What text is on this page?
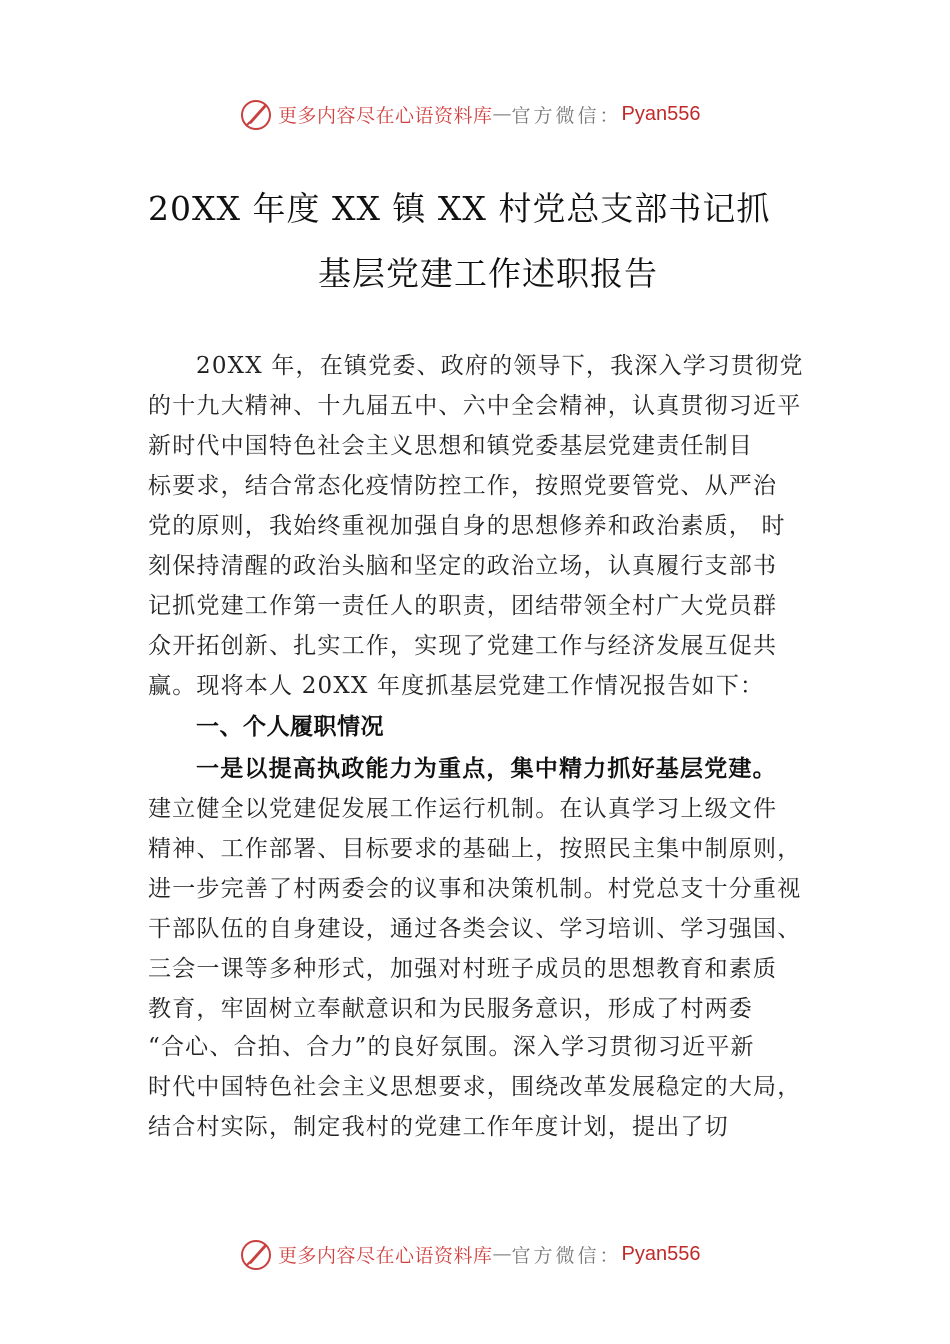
更多内容尽在心语资料库 — 官方微信： Pyan556
20XX 年度 XX 镇 XX 村党总支部书记抓
基层党建工作述职报告
20XX 年，在镇党委、政府的领导下，我深入学习贯彻党
的十九大精神、十九届五中、六中全会精神，认真贯彻习近平
新时代中国特色社会主义思想和镇党委基层党建责任制目
标要求，结合常态化疫情防控工作，按照党要管党、从严治
党的原则，我始终重视加强自身的思想修养和政治素质， 时
刻保持清醒的政治头脑和坚定的政治立场，认真履行支部书
记抓党建工作第一责任人的职责，团结带领全村广大党员群
众开拓创新、扎实工作，实现了党建工作与经济发展互促共
赢。现将本人 20XX 年度抓基层党建工作情况报告如下：
一、个人履职情况
一是以提高执政能力为重点，集中精力抓好基层党建。
建立健全以党建促发展工作运行机制。在认真学习上级文件
精神、工作部署、目标要求的基础上，按照民主集中制原则，
进一步完善了村两委会的议事和决策机制。村党总支十分重视
干部队伍的自身建设，通过各类会议、学习培训、学习强国、
三会一课等多种形式，加强对村班子成员的思想教育和素质
教育，牢固树立奉献意识和为民服务意识，形成了村两委
“合心、合拍、合力”的良好氛围。深入学习贯彻习近平新
时代中国特色社会主义思想要求，围绕改革发展稳定的大局，
结合村实际，制定我村的党建工作年度计划，提出了切
更多内容尽在心语资料库 — 官方微信： Pyan556
